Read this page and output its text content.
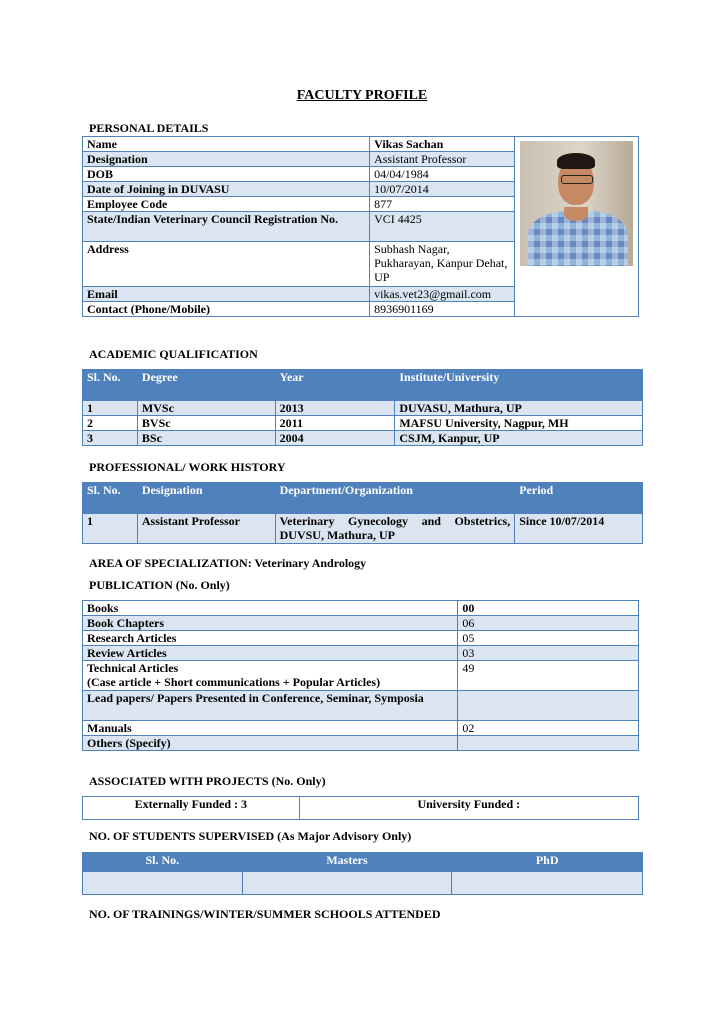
FACULTY PROFILE
PERSONAL DETAILS
Name	Vikas Sachan	

Designation	Assistant Professor	
DOB	04/04/1984	
Date of Joining in DUVASU	10/07/2014	
Employee Code	877	
State/Indian Veterinary Council Registration No.	VCI 4425	
Address	Subhash Nagar, Pukharayan, Kanpur Dehat, UP	
Email	vikas.vet23@gmail.com	
Contact (Phone/Mobile)	8936901169	
ACADEMIC QUALIFICATION
Sl. No.	Degree	Year	Institute/University
1	MVSc	2013	DUVASU, Mathura, UP
2	BVSc	2011	MAFSU University, Nagpur, MH
3	BSc	2004	CSJM, Kanpur, UP
PROFESSIONAL/ WORK HISTORY
Sl. No.	Designation	Department/Organization	Period
1	Assistant Professor	Veterinary Gynecology and Obstetrics, DUVSU, Mathura, UP	Since 10/07/2014
AREA OF SPECIALIZATION: Veterinary Andrology
PUBLICATION (No. Only)
Books	00
Book Chapters	06
Research Articles	05
Review Articles	03

Technical Articles
(Case article + Short communications + Popular Articles)	49
Lead papers/ Papers Presented in Conference, Seminar, Symposia	
Manuals	02
Others (Specify)	
ASSOCIATED WITH PROJECTS (No. Only)
Externally Funded : 3	University Funded :
NO. OF STUDENTS SUPERVISED (As Major Advisory Only)
Sl. No.	Masters	PhD

NO. OF TRAININGS/WINTER/SUMMER SCHOOLS ATTENDED
